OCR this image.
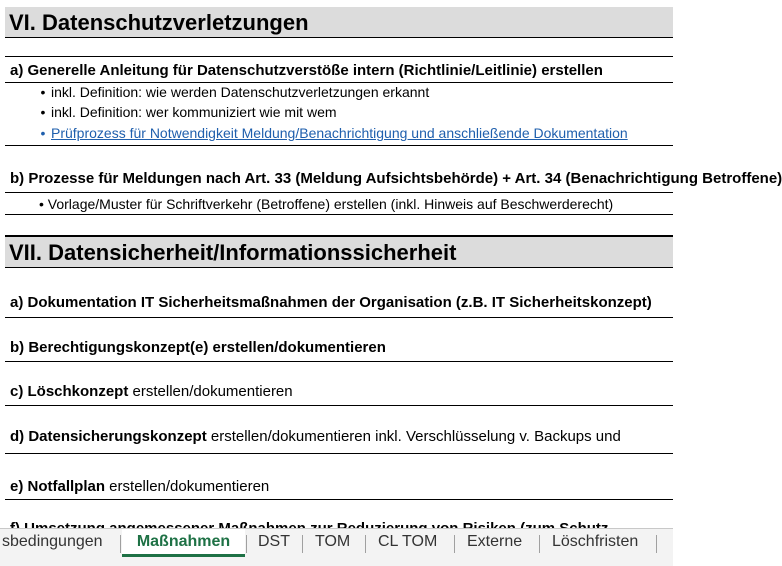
VI. Datenschutzverletzungen
a) Generelle Anleitung für Datenschutzverstöße intern (Richtlinie/Leitlinie) erstellen
• inkl. Definition: wie werden Datenschutzverletzungen erkannt
• inkl. Definition: wer kommuniziert wie mit wem
• Prüfprozess für Notwendigkeit Meldung/Benachrichtigung und anschließende Dokumentation
b) Prozesse für Meldungen nach Art. 33 (Meldung Aufsichtsbehörde) + Art. 34 (Benachrichtigung Betroffene)
• Vorlage/Muster für Schriftverkehr (Betroffene) erstellen (inkl. Hinweis auf Beschwerderecht)
VII. Datensicherheit/Informationssicherheit
a) Dokumentation IT Sicherheitsmaßnahmen der Organisation (z.B. IT Sicherheitskonzept)
b) Berechtigungskonzept(e) erstellen/dokumentieren
c) Löschkonzept erstellen/dokumentieren
d) Datensicherungskonzept erstellen/dokumentieren inkl. Verschlüsselung v. Backups und
e) Notfallplan erstellen/dokumentieren
sbedingungen	Maßnahmen	DST TOM CL TOM Externe Löschfristen
